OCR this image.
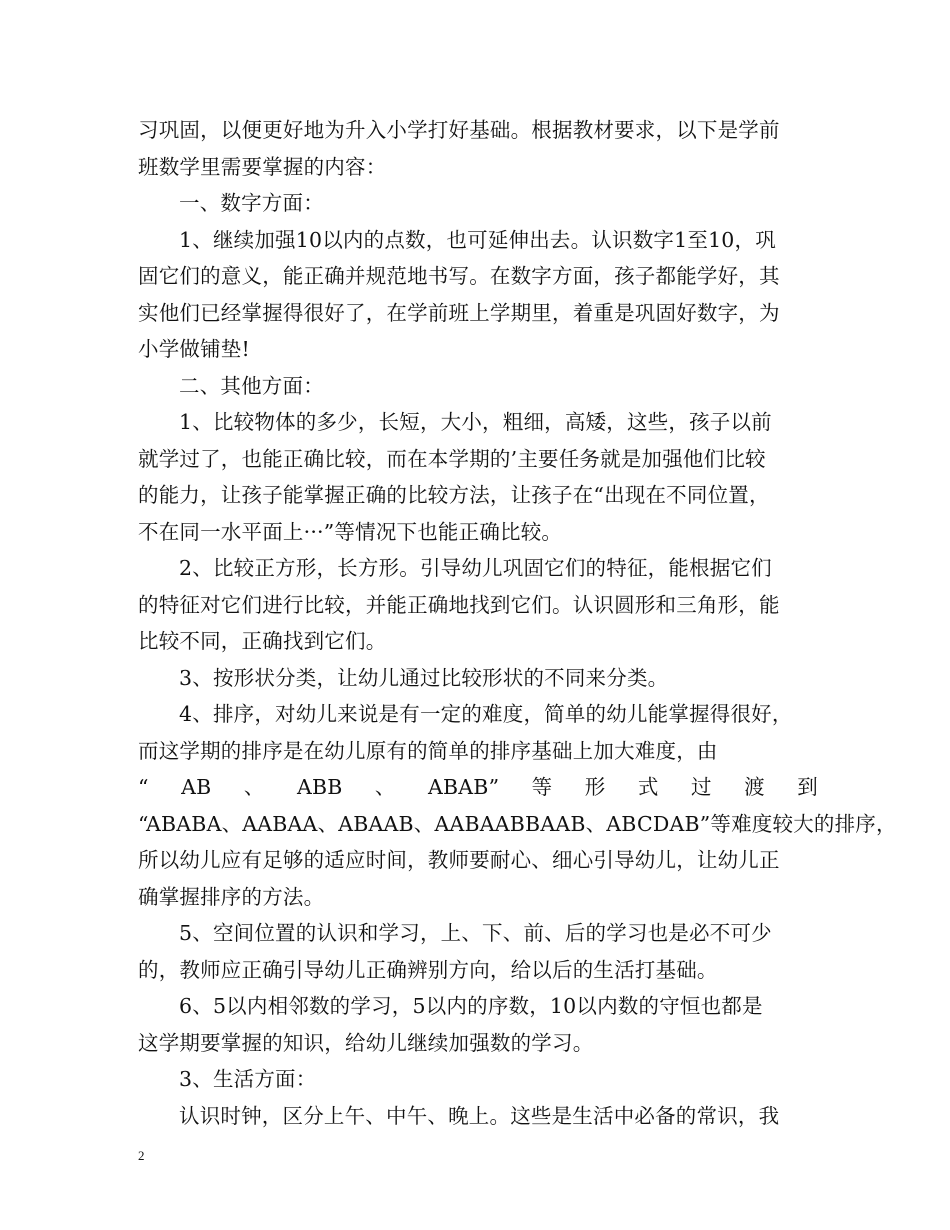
习巩固，以便更好地为升入小学打好基础。根据教材要求，以下是学前
班数学里需要掌握的内容：
一、数字方面：
1、继续加强10以内的点数，也可延伸出去。认识数字1至10，巩
固它们的意义，能正确并规范地书写。在数字方面，孩子都能学好，其
实他们已经掌握得很好了，在学前班上学期里，着重是巩固好数字，为
小学做铺垫!
二、其他方面：
1、比较物体的多少，长短，大小，粗细，高矮，这些，孩子以前
就学过了，也能正确比较，而在本学期的’主要任务就是加强他们比较
的能力，让孩子能掌握正确的比较方法，让孩子在“出现在不同位置，
不在同一水平面上···”等情况下也能正确比较。
2、比较正方形，长方形。引导幼儿巩固它们的特征，能根据它们
的特征对它们进行比较，并能正确地找到它们。认识圆形和三角形，能
比较不同，正确找到它们。
3、按形状分类，让幼儿通过比较形状的不同来分类。
4、排序，对幼儿来说是有一定的难度，简单的幼儿能掌握得很好，
而这学期的排序是在幼儿原有的简单的排序基础上加大难度，由
“ AB 、 ABB 、 ABAB” 等 形 式 过 渡 到
“ABABA、AABAA、ABAAB、AABAABBAAB、ABCDAB”等难度较大的排序，
所以幼儿应有足够的适应时间，教师要耐心、细心引导幼儿，让幼儿正
确掌握排序的方法。
5、空间位置的认识和学习，上、下、前、后的学习也是必不可少
的，教师应正确引导幼儿正确辨别方向，给以后的生活打基础。
6、5以内相邻数的学习，5以内的序数，10以内数的守恒也都是
这学期要掌握的知识，给幼儿继续加强数的学习。
3、生活方面：
认识时钟，区分上午、中午、晚上。这些是生活中必备的常识，我
2
